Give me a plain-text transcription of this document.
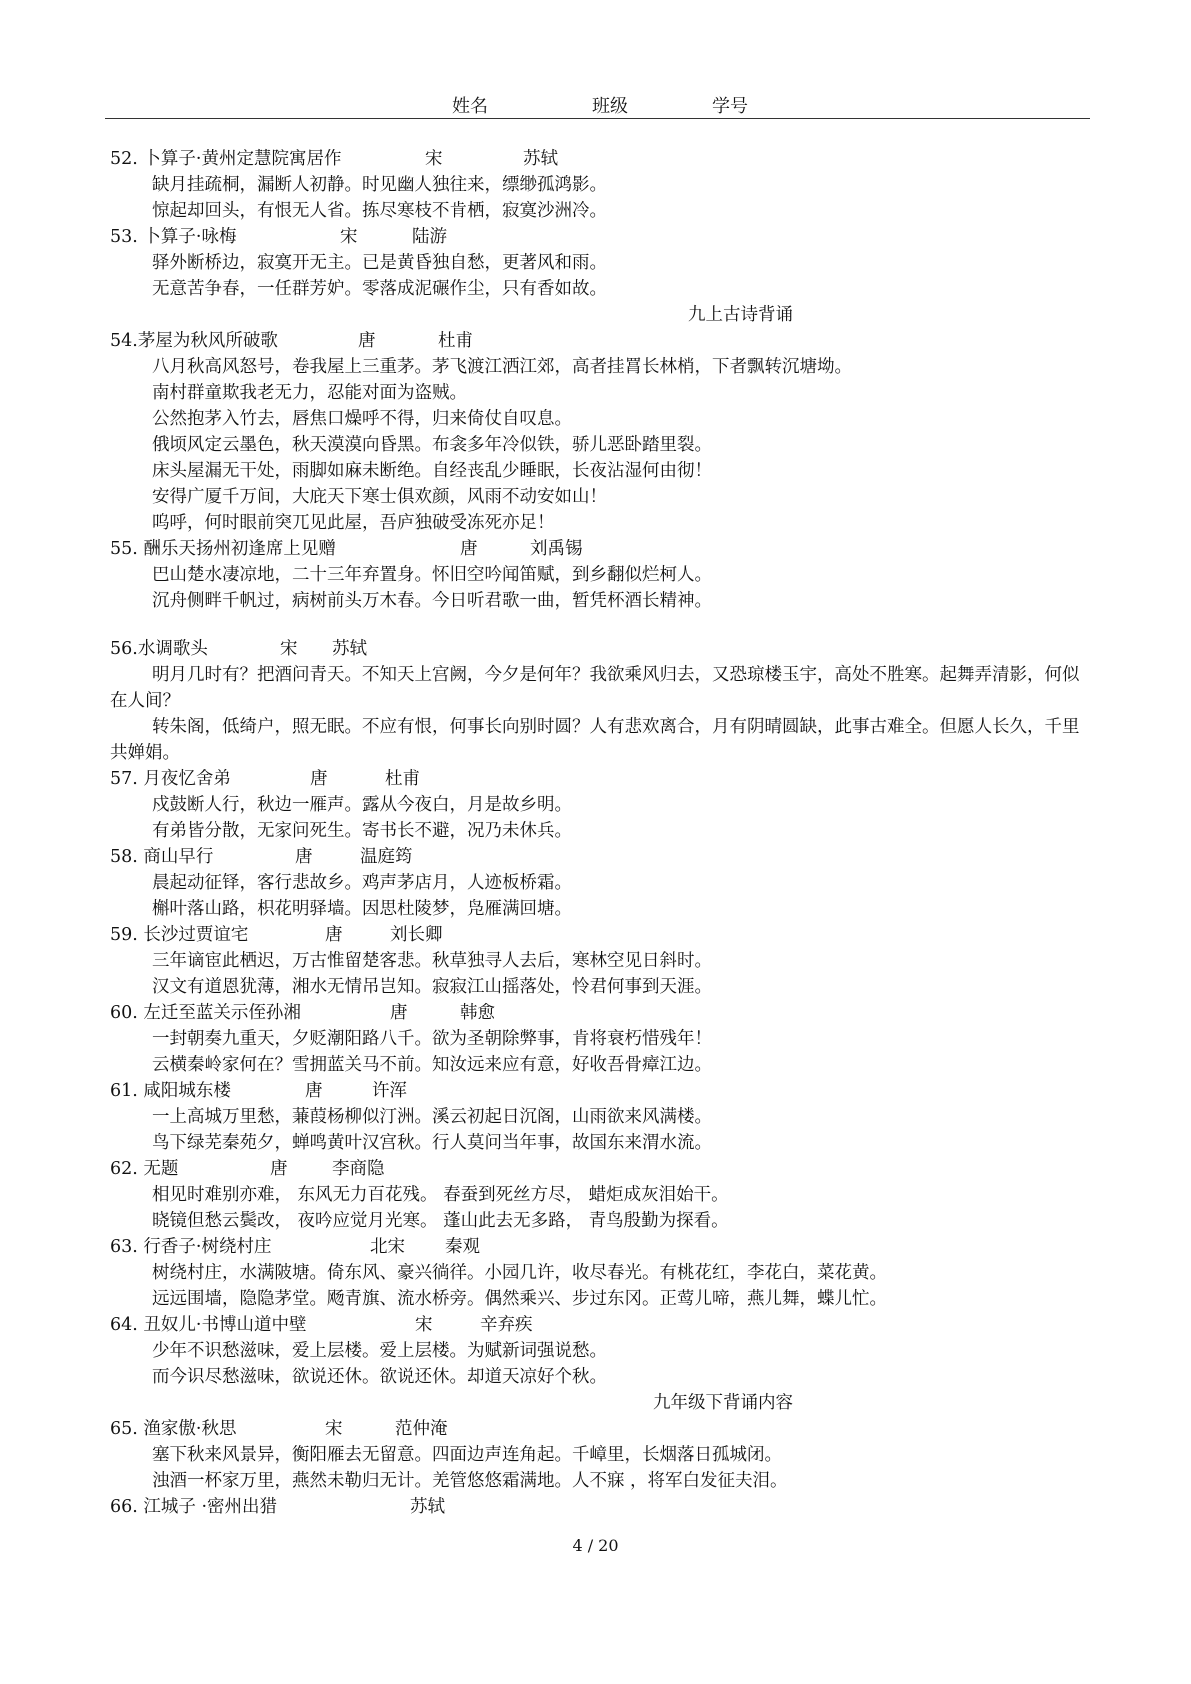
姓名	班级	学号
52. 卜算子·黄州定慧院寓居作	宋	苏轼
缺月挂疏桐，漏断人初静。时见幽人独往来，缥缈孤鸿影。
惊起却回头，有恨无人省。拣尽寒枝不肯栖，寂寞沙洲冷。
53. 卜算子·咏梅	宋	陆游
驿外断桥边，寂寞开无主。已是黄昏独自愁，更著风和雨。
无意苦争春，一任群芳妒。零落成泥碾作尘，只有香如故。
九上古诗背诵
54.茅屋为秋风所破歌	唐	杜甫
八月秋高风怒号，卷我屋上三重茅。茅飞渡江洒江郊，高者挂罥长林梢，下者飘转沉塘坳。
南村群童欺我老无力，忍能对面为盗贼。
公然抱茅入竹去，唇焦口燥呼不得，归来倚仗自叹息。
俄顷风定云墨色，秋天漠漠向昏黑。布衾多年冷似铁，骄儿恶卧踏里裂。
床头屋漏无干处，雨脚如麻未断绝。自经丧乱少睡眠，长夜沾湿何由彻！
安得广厦千万间，大庇天下寒士俱欢颜，风雨不动安如山！
呜呼，何时眼前突兀见此屋，吾庐独破受冻死亦足！
55. 酬乐天扬州初逢席上见赠	唐	刘禹锡
巴山楚水凄凉地，二十三年弃置身。怀旧空吟闻笛赋，到乡翻似烂柯人。
沉舟侧畔千帆过，病树前头万木春。今日听君歌一曲，暂凭杯酒长精神。
56.水调歌头	宋 苏轼
明月几时有？把酒问青天。不知天上宫阙，今夕是何年？我欲乘风归去，又恐琼楼玉宇，高处不胜寒。起舞弄清影，何似在人间？
转朱阁，低绮户，照无眠。不应有恨，何事长向别时圆？人有悲欢离合，月有阴晴圆缺，此事古难全。但愿人长久，千里共婵娟。
57. 月夜忆舍弟	唐	杜甫
戍鼓断人行，秋边一雁声。露从今夜白，月是故乡明。
有弟皆分散，无家问死生。寄书长不避，况乃未休兵。
58. 商山早行	唐	温庭筠
晨起动征铎，客行悲故乡。鸡声茅店月，人迹板桥霜。
槲叶落山路，枳花明驿墙。因思杜陵梦，凫雁满回塘。
59. 长沙过贾谊宅	唐	刘长卿
三年谪宦此栖迟，万古惟留楚客悲。秋草独寻人去后，寒林空见日斜时。
汉文有道恩犹薄，湘水无情吊岂知。寂寂江山摇落处，怜君何事到天涯。
60. 左迁至蓝关示侄孙湘	唐	韩愈
一封朝奏九重天，夕贬潮阳路八千。欲为圣朝除弊事，肯将衰朽惜残年！
云横秦岭家何在？雪拥蓝关马不前。知汝远来应有意，好收吾骨瘴江边。
61. 咸阳城东楼	唐	许浑
一上高城万里愁，蒹葭杨柳似汀洲。溪云初起日沉阁，山雨欲来风满楼。
鸟下绿芜秦苑夕，蝉鸣黄叶汉宫秋。行人莫问当年事，故国东来渭水流。
62. 无题	唐	李商隐
相见时难别亦难， 东风无力百花残。 春蚕到死丝方尽， 蜡炬成灰泪始干。
晓镜但愁云鬓改， 夜吟应觉月光寒。 蓬山此去无多路， 青鸟殷勤为探看。
63. 行香子·树绕村庄	北宋 秦观
树绕村庄，水满陂塘。倚东风、豪兴徜徉。小园几许，收尽春光。有桃花红，李花白，菜花黄。
远远围墙，隐隐茅堂。飏青旗、流水桥旁。偶然乘兴、步过东冈。正莺儿啼，燕儿舞，蝶儿忙。
64. 丑奴儿·书博山道中壁	宋	辛弃疾
少年不识愁滋味，爱上层楼。爱上层楼。为赋新词强说愁。
而今识尽愁滋味，欲说还休。欲说还休。却道天凉好个秋。
九年级下背诵内容
65. 渔家傲·秋思	宋	范仲淹
塞下秋来风景异，衡阳雁去无留意。四面边声连角起。千嶂里，长烟落日孤城闭。
浊酒一杯家万里，燕然未勒归无计。羌管悠悠霜满地。人不寐 ，将军白发征夫泪。
66. 江城子 ·密州出猎	苏轼
4 / 20
